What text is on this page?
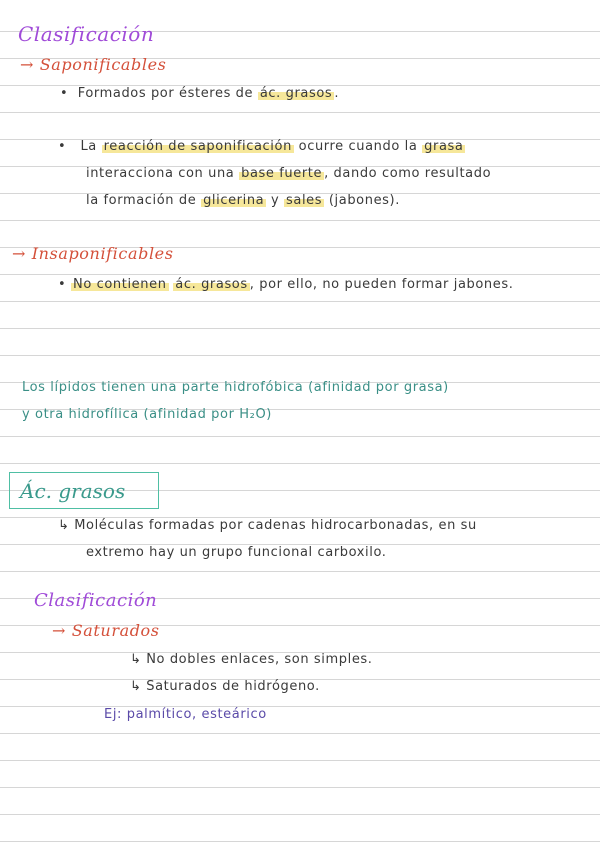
Clasificación
→ Saponificables
•  Formados por ésteres de ác. grasos .
•   La reacción de saponificación ocurre cuando la grasa
interacciona con una base fuerte , dando como resultado
la formación de glicerina y sales (jabones).
→ Insaponificables
• No contienen ác. grasos , por ello, no pueden formar jabones.
Los lípidos tienen una parte hidrofóbica (afinidad por grasa)
y otra hidrofílica (afinidad por H₂O)
Ác. grasos
↳ Moléculas formadas por cadenas hidrocarbonadas, en su
extremo hay un grupo funcional carboxilo.
Clasificación
→ Saturados
↳ No dobles enlaces, son simples.
↳ Saturados de hidrógeno.
Ej: palmítico, esteárico
